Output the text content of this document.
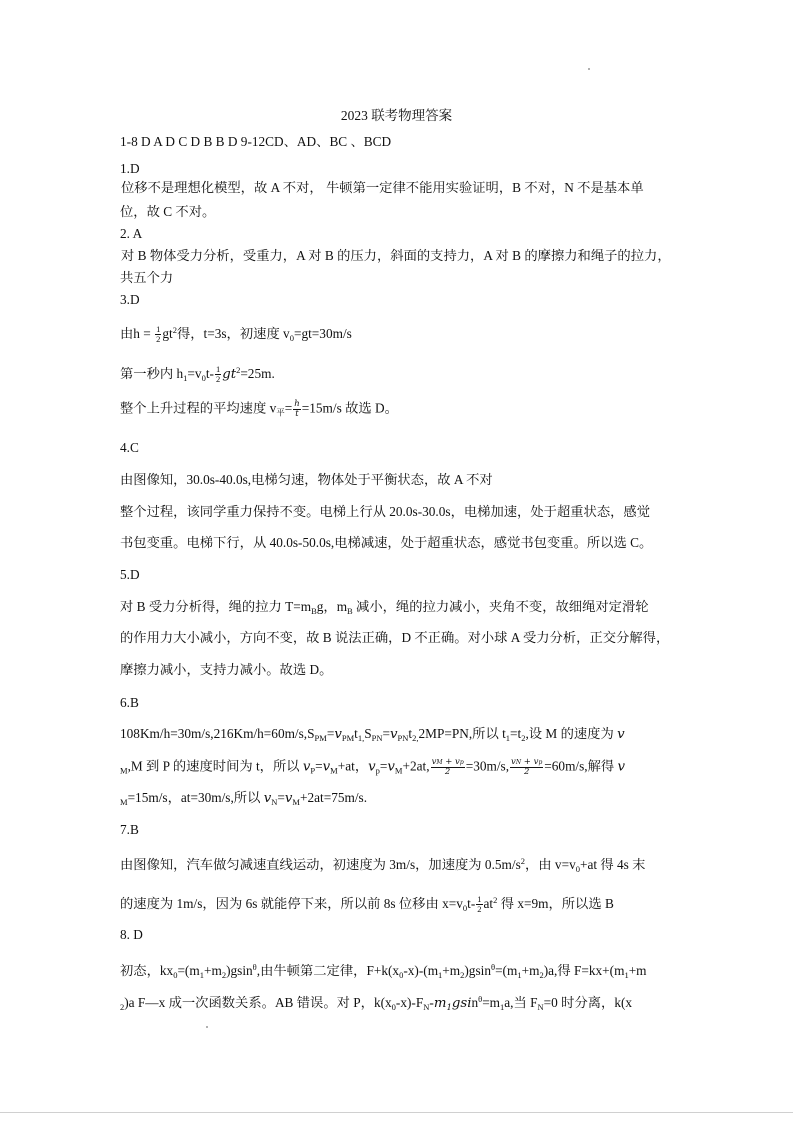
2023 联考物理答案
1-8 D A D C D B B D 9-12CD、AD、BC 、BCD
1.D
位移不是理想化模型，故 A 不对， 牛顿第一定律不能用实验证明，B 不对，N 不是基本单
位，故 C 不对。
2. A
对 B 物体受力分析，受重力，A 对 B 的压力，斜面的支持力，A 对 B 的摩擦力和绳子的拉力，
共五个力
3.D
由$h = \frac{1}{2} gt^2$得，t=3s，初速度 $v_0=gt=30m/s$
第一秒内 $h_1=v_0t- \frac{1}{2} gt^2=25m$.
整个上升过程的平均速度 $v_平= \frac{h}{t} =15m/s$ 故选 D。
4.C
由图像知，30.0s-40.0s,电梯匀速，物体处于平衡状态，故 A 不对
整个过程，该同学重力保持不变。电梯上行从 20.0s-30.0s，电梯加速，处于超重状态，感觉
书包变重。电梯下行，从 40.0s-50.0s,电梯减速，处于超重状态，感觉书包变重。所以选 C。
5.D
对 B 受力分析得，绳的拉力 $T=m_Bg$，$m_B$ 减小，绳的拉力减小，夹角不变，故细绳对定滑轮
的作用力大小减小，方向不变，故 B 说法正确，D 不正确。对小球 A 受力分析，正交分解得，
摩擦力减小，支持力减小。故选 D。
6.B
$108Km/h=30m/s,216Km/h=60m/s,S_{PM}=v_{PM}t_{1,}S_{PN}=v_{PN}t_{2,}2MP=PN$,所以 $t_1=t_2$,设 M 的速度为 v
$_M$,M 到 P 的速度时间为 t，所以 $v_P=v_M+at$，$v_p=v_M+2at$, $\frac{vM + vp}{2} =30m/s$, $\frac{vN + vp}{2} =60m/s$,解得 v
$_M$=15m/s，at=30m/s,所以 $v_N=v_M+2at=75m/s$.
7.B
由图像知，汽车做匀减速直线运动，初速度为 3m/s，加速度为 $0.5m/s^2$，由 $v=v_0+at$ 得 4s 末
的速度为 1m/s，因为 6s 就能停下来，所以前 8s 位移由 $x=v_0t- \frac{1}{2} at^2$ 得 x=9m，所以选 B
8. D
初态，$kx_0=(m_1+m_2)gsin^\theta$,由牛顿第二定律，$F+k(x_0-x)-(m_1+m_2)gsin^\theta=(m_1+m_2)a$,得 $F=kx+(m_1+m$
$_2$)a F—x 成一次函数关系。AB 错误。对 P，$k(x_0-x)-F_N-m_1gsin^\theta=m_1a$,当 $F_N=0$ 时分离，k(x
